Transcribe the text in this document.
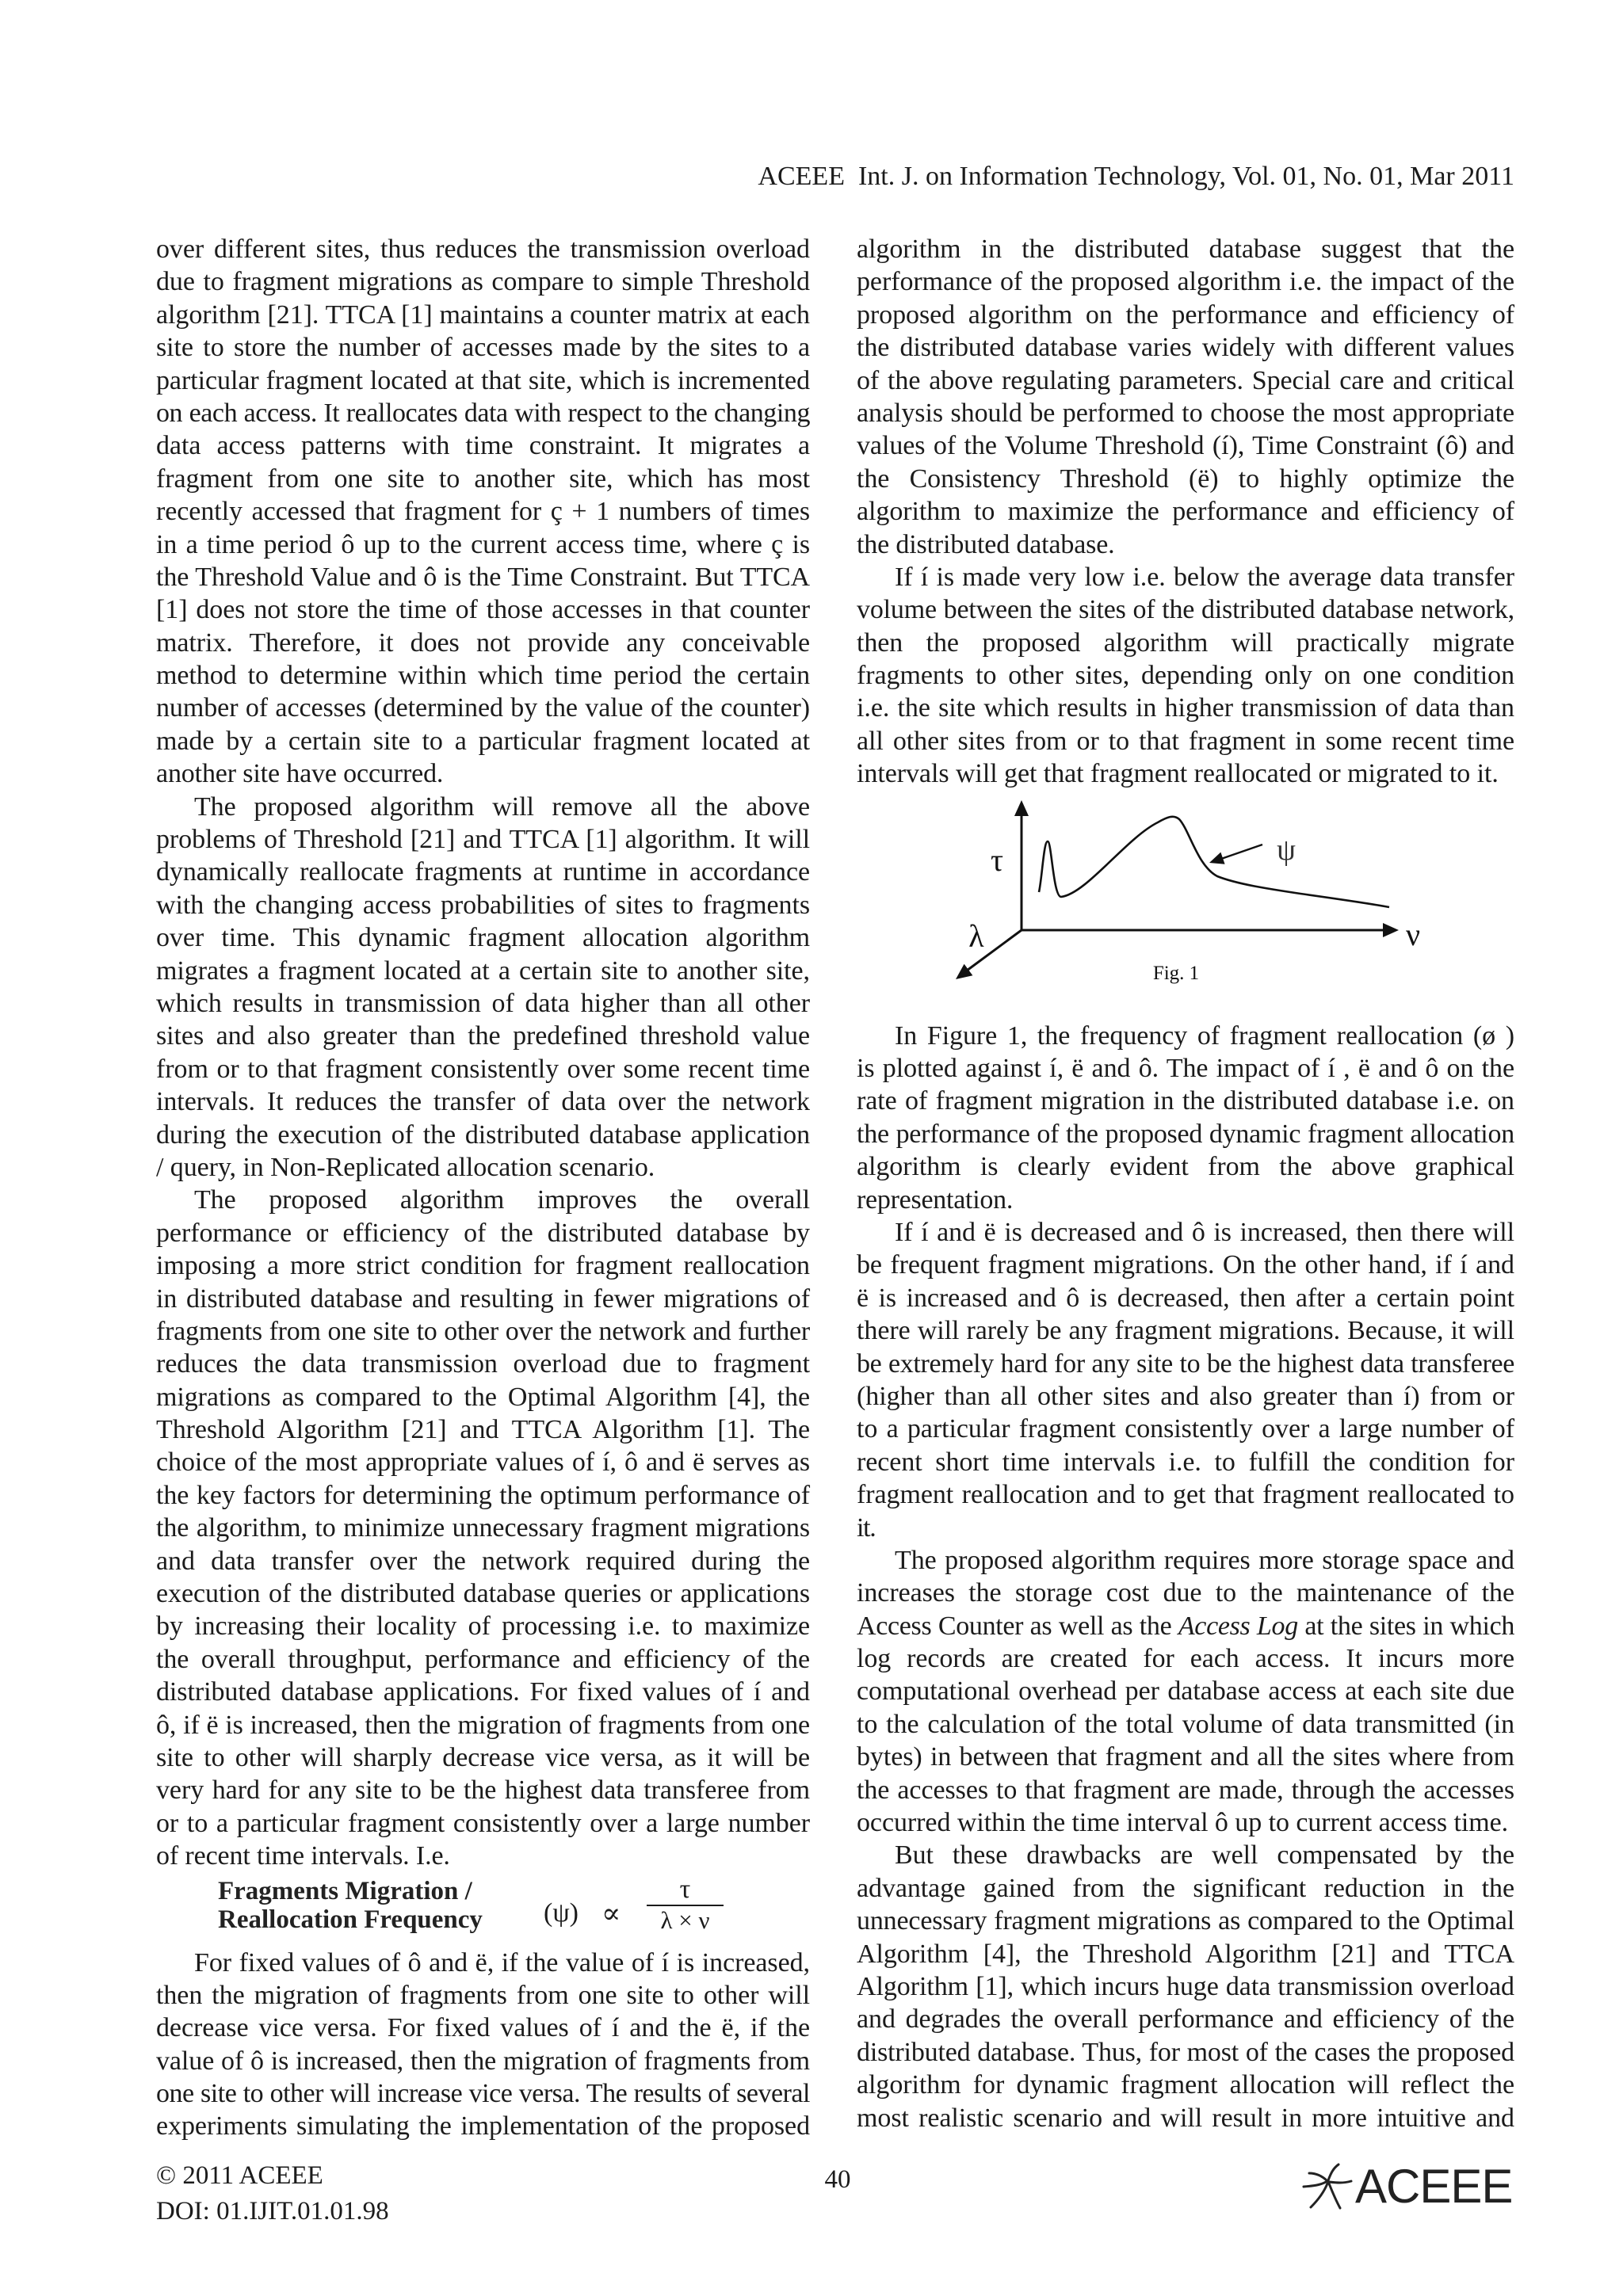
ACEEE  Int. J. on Information Technology, Vol. 01, No. 01, Mar 2011
over different sites, thus reduces the transmission overload
due to fragment migrations as compare to simple Threshold
algorithm [21]. TTCA [1] maintains a counter matrix at each
site to store the number of accesses made by the sites to a
particular fragment located at that site, which is incremented
on each access. It reallocates data with respect to the changing
data access patterns with time constraint. It migrates a
fragment from one site to another site, which has most
recently accessed that fragment for ç + 1 numbers of times
in a time period ô up to the current access time, where ç is
the Threshold Value and ô is the Time Constraint. But TTCA
[1] does not store the time of those accesses in that counter
matrix. Therefore, it does not provide any conceivable
method to determine within which time period the certain
number of accesses (determined by the value of the counter)
made by a certain site to a particular fragment located at
another site have occurred.
The proposed algorithm will remove all the above
problems of Threshold [21] and TTCA [1] algorithm. It will
dynamically reallocate fragments at runtime in accordance
with the changing access probabilities of sites to fragments
over time. This dynamic fragment allocation algorithm
migrates a fragment located at a certain site to another site,
which results in transmission of data higher than all other
sites and also greater than the predefined threshold value
from or to that fragment consistently over some recent time
intervals. It reduces the transfer of data over the network
during the execution of the distributed database application
/ query, in Non-Replicated allocation scenario.
The proposed algorithm improves the overall
performance or efficiency of the distributed database by
imposing a more strict condition for fragment reallocation
in distributed database and resulting in fewer migrations of
fragments from one site to other over the network and further
reduces the data transmission overload due to fragment
migrations as compared to the Optimal Algorithm [4], the
Threshold Algorithm [21] and TTCA Algorithm [1]. The
choice of the most appropriate values of í, ô and ë serves as
the key factors for determining the optimum performance of
the algorithm, to minimize unnecessary fragment migrations
and data transfer over the network required during the
execution of the distributed database queries or applications
by increasing their locality of processing i.e. to maximize
the overall throughput, performance and efficiency of the
distributed database applications. For fixed values of í and
ô, if ë is increased, then the migration of fragments from one
site to other will sharply decrease vice versa, as it will be
very hard for any site to be the highest data transferee from
or to a particular fragment consistently over a large number
of recent time intervals. I.e.
Fragments Migration /
Reallocation Frequency (ψ) ∝
τ
λ × ν
For fixed values of ô and ë, if the value of í is increased,
then the migration of fragments from one site to other will
decrease vice versa. For fixed values of í and the ë, if the
value of ô is increased, then the migration of fragments from
one site to other will increase vice versa. The results of several
experiments simulating the implementation of the proposed
algorithm in the distributed database suggest that the
performance of the proposed algorithm i.e. the impact of the
proposed algorithm on the performance and efficiency of
the distributed database varies widely with different values
of the above regulating parameters. Special care and critical
analysis should be performed to choose the most appropriate
values of the Volume Threshold (í), Time Constraint (ô) and
the Consistency Threshold (ë) to highly optimize the
algorithm to maximize the performance and efficiency of
the distributed database.
If í is made very low i.e. below the average data transfer
volume between the sites of the distributed database network,
then the proposed algorithm will practically migrate
fragments to other sites, depending only on one condition
i.e. the site which results in higher transmission of data than
all other sites from or to that fragment in some recent time
intervals will get that fragment reallocated or migrated to it.
τ
λ	ν
ψ
Fig. 1
In Figure 1, the frequency of fragment reallocation (ø )
is plotted against í, ë and ô. The impact of í , ë and ô on the
rate of fragment migration in the distributed database i.e. on
the performance of the proposed dynamic fragment allocation
algorithm is clearly evident from the above graphical
representation.
If í and ë is decreased and ô is increased, then there will
be frequent fragment migrations. On the other hand, if í and
ë is increased and ô is decreased, then after a certain point
there will rarely be any fragment migrations. Because, it will
be extremely hard for any site to be the highest data transferee
(higher than all other sites and also greater than í) from or
to a particular fragment consistently over a large number of
recent short time intervals i.e. to fulfill the condition for
fragment reallocation and to get that fragment reallocated to
it.
The proposed algorithm requires more storage space and
increases the storage cost due to the maintenance of the
Access Counter as well as the Access Log at the sites in which
log records are created for each access. It incurs more
computational overhead per database access at each site due
to the calculation of the total volume of data transmitted (in
bytes) in between that fragment and all the sites where from
the accesses to that fragment are made, through the accesses
occurred within the time interval ô up to current access time.
But these drawbacks are well compensated by the
advantage gained from the significant reduction in the
unnecessary fragment migrations as compared to the Optimal
Algorithm [4], the Threshold Algorithm [21] and TTCA
Algorithm [1], which incurs huge data transmission overload
and degrades the overall performance and efficiency of the
distributed database. Thus, for most of the cases the proposed
algorithm for dynamic fragment allocation will reflect the
most realistic scenario and will result in more intuitive and
© 2011 ACEEE
DOI: 01.IJIT.01.01.98
40	ACEEE
